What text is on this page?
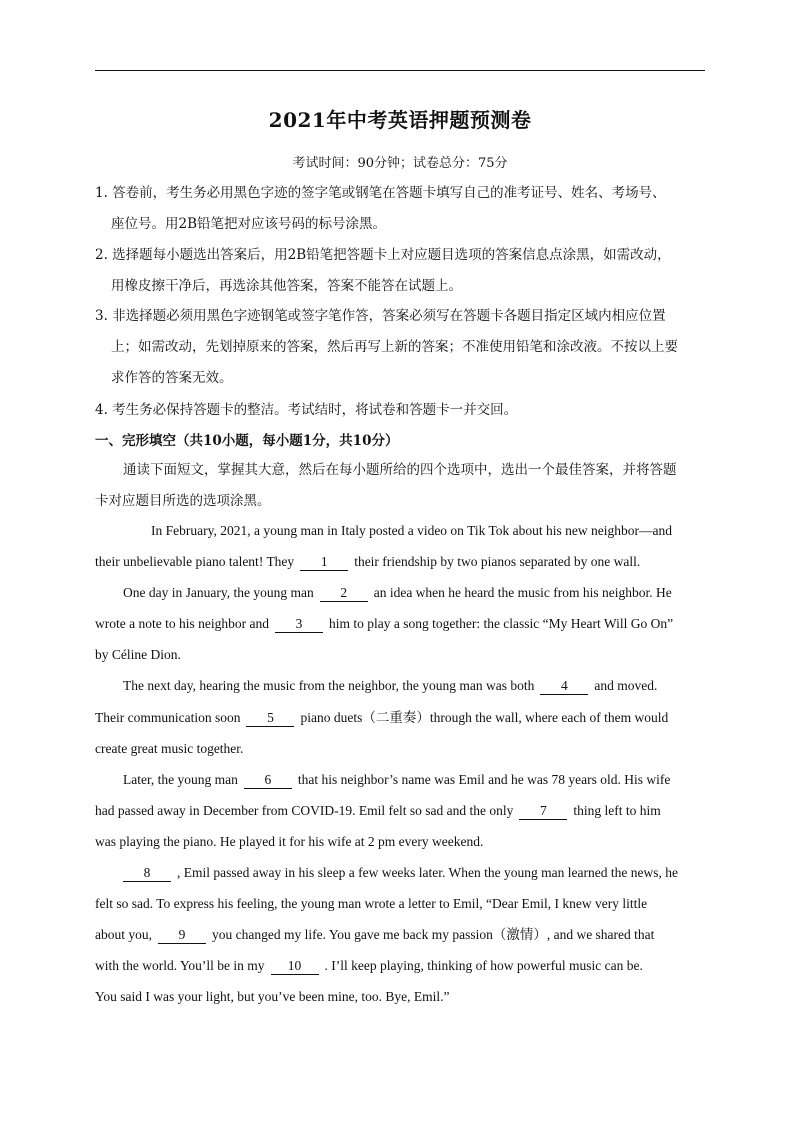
2021年中考英语押题预测卷
考试时间：90分钟；试卷总分：75分
1. 答卷前，考生务必用黑色字迹的签字笔或钢笔在答题卡填写自己的准考证号、姓名、考场号、
座位号。用2B铅笔把对应该号码的标号涂黑。
2. 选择题每小题选出答案后，用2B铅笔把答题卡上对应题目选项的答案信息点涂黑，如需改动，
用橡皮擦干净后，再选涂其他答案，答案不能答在试题上。
3. 非选择题必须用黑色字迹钢笔或签字笔作答，答案必须写在答题卡各题目指定区域内相应位置
上；如需改动，先划掉原来的答案，然后再写上新的答案；不准使用铅笔和涂改液。不按以上要
求作答的答案无效。
4. 考生务必保持答题卡的整洁。考试结时，将试卷和答题卡一并交回。
一、完形填空（共10小题，每小题1分，共10分）
通读下面短文，掌握其大意，然后在每小题所给的四个选项中，选出一个最佳答案，并将答题
卡对应题目所选的选项涂黑。
In February, 2021, a young man in Italy posted a video on Tik Tok about his new neighbor—and
their unbelievable piano talent! They 1 their friendship by two pianos separated by one wall.
One day in January, the young man 2 an idea when he heard the music from his neighbor. He
wrote a note to his neighbor and 3 him to play a song together: the classic “My Heart Will Go On”
by Céline Dion.
The next day, hearing the music from the neighbor, the young man was both 4 and moved.
Their communication soon 5 piano duets（二重奏）through the wall, where each of them would
create great music together.
Later, the young man 6 that his neighbor’s name was Emil and he was 78 years old. His wife
had passed away in December from COVID-19. Emil felt so sad and the only 7 thing left to him
was playing the piano. He played it for his wife at 2 pm every weekend.
8 , Emil passed away in his sleep a few weeks later. When the young man learned the news, he
felt so sad. To express his feeling, the young man wrote a letter to Emil, “Dear Emil, I knew very little
about you, 9 you changed my life. You gave me back my passion（激情）, and we shared that
with the world. You’ll be in my 10 . I’ll keep playing, thinking of how powerful music can be.
You said I was your light, but you’ve been mine, too. Bye, Emil.”
